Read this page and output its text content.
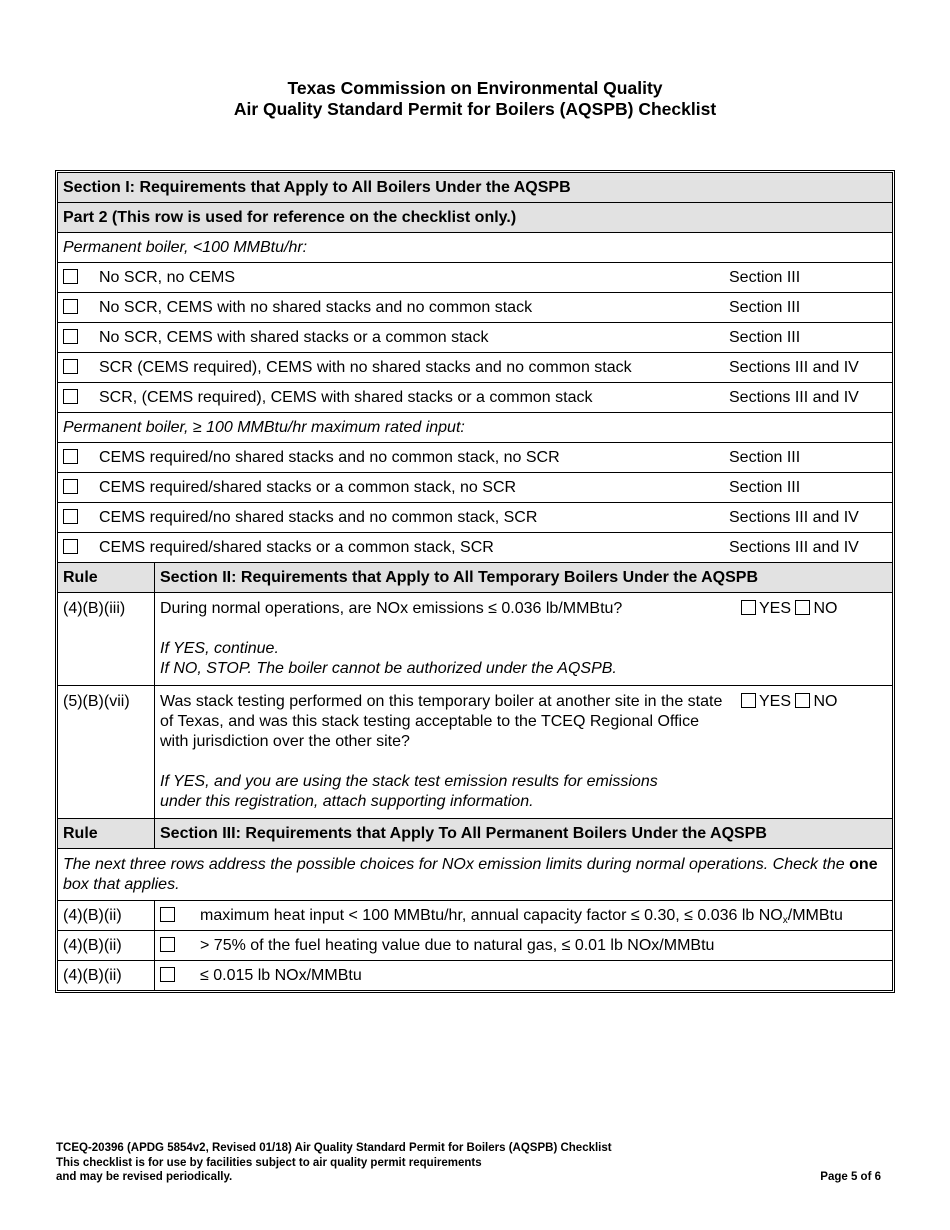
Texas Commission on Environmental Quality
Air Quality Standard Permit for Boilers (AQSPB) Checklist
Section I: Requirements that Apply to All Boilers Under the AQSPB
Part 2 (This row is used for reference on the checklist only.)
Permanent boiler, <100 MMBtu/hr:
No SCR, no CEMS	Section III
No SCR, CEMS with no shared stacks and no common stack	Section III
No SCR, CEMS with shared stacks or a common stack	Section III
SCR (CEMS required), CEMS with no shared stacks and no common stack	Sections III and IV
SCR, (CEMS required), CEMS with shared stacks or a common stack	Sections III and IV
Permanent boiler, ≥ 100 MMBtu/hr maximum rated input:
CEMS required/no shared stacks and no common stack, no SCR	Section III
CEMS required/shared stacks or a common stack, no SCR	Section III
CEMS required/no shared stacks and no common stack, SCR	Sections III and IV
CEMS required/shared stacks or a common stack, SCR	Sections III and IV
Rule	Section II: Requirements that Apply to All Temporary Boilers Under the AQSPB
(4)(B)(iii)	During normal operations, are NOx emissions ≤ 0.036 lb/MMBtu?
If YES, continue.
If NO, STOP. The boiler cannot be authorized under the AQSPB.
YES NO
(5)(B)(vii)	Was stack testing performed on this temporary boiler at another site in the state of Texas, and was this stack testing acceptable to the TCEQ Regional Office with jurisdiction over the other site?
If YES, and you are using the stack test emission results for emissions under this registration, attach supporting information.
YES NO
Rule	Section III: Requirements that Apply To All Permanent Boilers Under the AQSPB
The next three rows address the possible choices for NOx emission limits during normal operations. Check the one box that applies.
(4)(B)(ii)	maximum heat input < 100 MMBtu/hr, annual capacity factor ≤ 0.30, ≤ 0.036 lb $NO_x$/MMBtu
(4)(B)(ii)	> 75% of the fuel heating value due to natural gas, ≤ 0.01 lb NOx/MMBtu
(4)(B)(ii)	≤ 0.015 lb NOx/MMBtu
TCEQ-20396 (APDG 5854v2, Revised 01/18) Air Quality Standard Permit for Boilers (AQSPB) Checklist
This checklist is for use by facilities subject to air quality permit requirements
and may be revised periodically.	Page 5 of 6
